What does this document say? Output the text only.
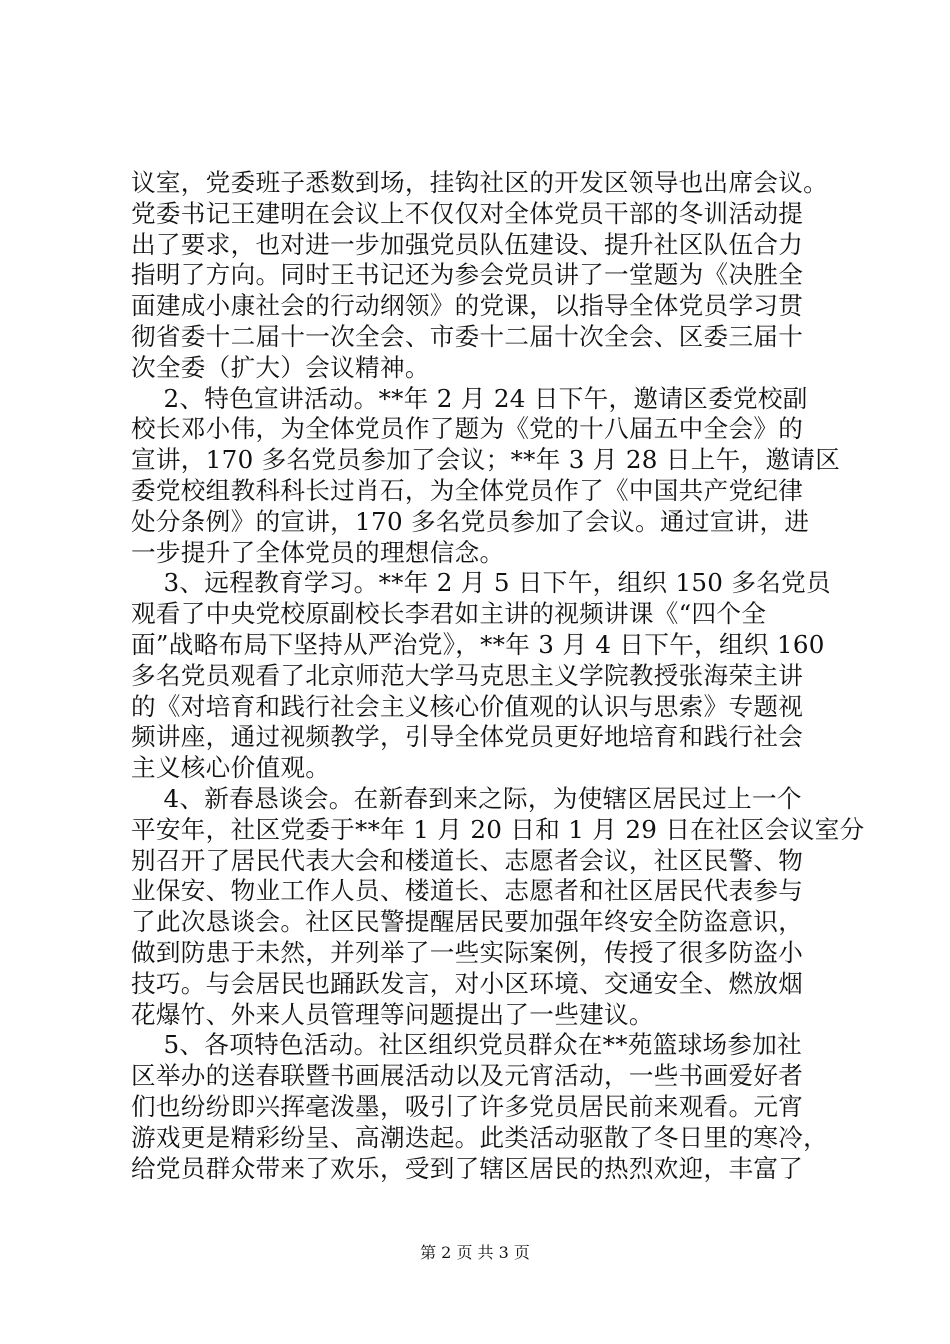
议室，党委班子悉数到场，挂钩社区的开发区领导也出席会议。
党委书记王建明在会议上不仅仅对全体党员干部的冬训活动提
出了要求，也对进一步加强党员队伍建设、提升社区队伍合力
指明了方向。同时王书记还为参会党员讲了一堂题为《决胜全
面建成小康社会的行动纲领》的党课，以指导全体党员学习贯
彻省委十二届十一次全会、市委十二届十次全会、区委三届十
次全委（扩大）会议精神。
2、特色宣讲活动。**年 2 月 24 日下午，邀请区委党校副
校长邓小伟，为全体党员作了题为《党的十八届五中全会》的
宣讲，170 多名党员参加了会议；**年 3 月 28 日上午，邀请区
委党校组教科科长过肖石，为全体党员作了《中国共产党纪律
处分条例》的宣讲，170 多名党员参加了会议。通过宣讲，进
一步提升了全体党员的理想信念。
3、远程教育学习。**年 2 月 5 日下午，组织 150 多名党员
观看了中央党校原副校长李君如主讲的视频讲课《“四个全
面”战略布局下坚持从严治党》，**年 3 月 4 日下午，组织 160
多名党员观看了北京师范大学马克思主义学院教授张海荣主讲
的《对培育和践行社会主义核心价值观的认识与思索》专题视
频讲座，通过视频教学，引导全体党员更好地培育和践行社会
主义核心价值观。
4、新春恳谈会。在新春到来之际，为使辖区居民过上一个
平安年，社区党委于**年 1 月 20 日和 1 月 29 日在社区会议室分
别召开了居民代表大会和楼道长、志愿者会议，社区民警、物
业保安、物业工作人员、楼道长、志愿者和社区居民代表参与
了此次恳谈会。社区民警提醒居民要加强年终安全防盗意识，
做到防患于未然，并列举了一些实际案例，传授了很多防盗小
技巧。与会居民也踊跃发言，对小区环境、交通安全、燃放烟
花爆竹、外来人员管理等问题提出了一些建议。
5、各项特色活动。社区组织党员群众在**苑篮球场参加社
区举办的送春联暨书画展活动以及元宵活动，一些书画爱好者
们也纷纷即兴挥毫泼墨，吸引了许多党员居民前来观看。元宵
游戏更是精彩纷呈、高潮迭起。此类活动驱散了冬日里的寒冷，
给党员群众带来了欢乐，受到了辖区居民的热烈欢迎，丰富了
第 2 页 共 3 页
